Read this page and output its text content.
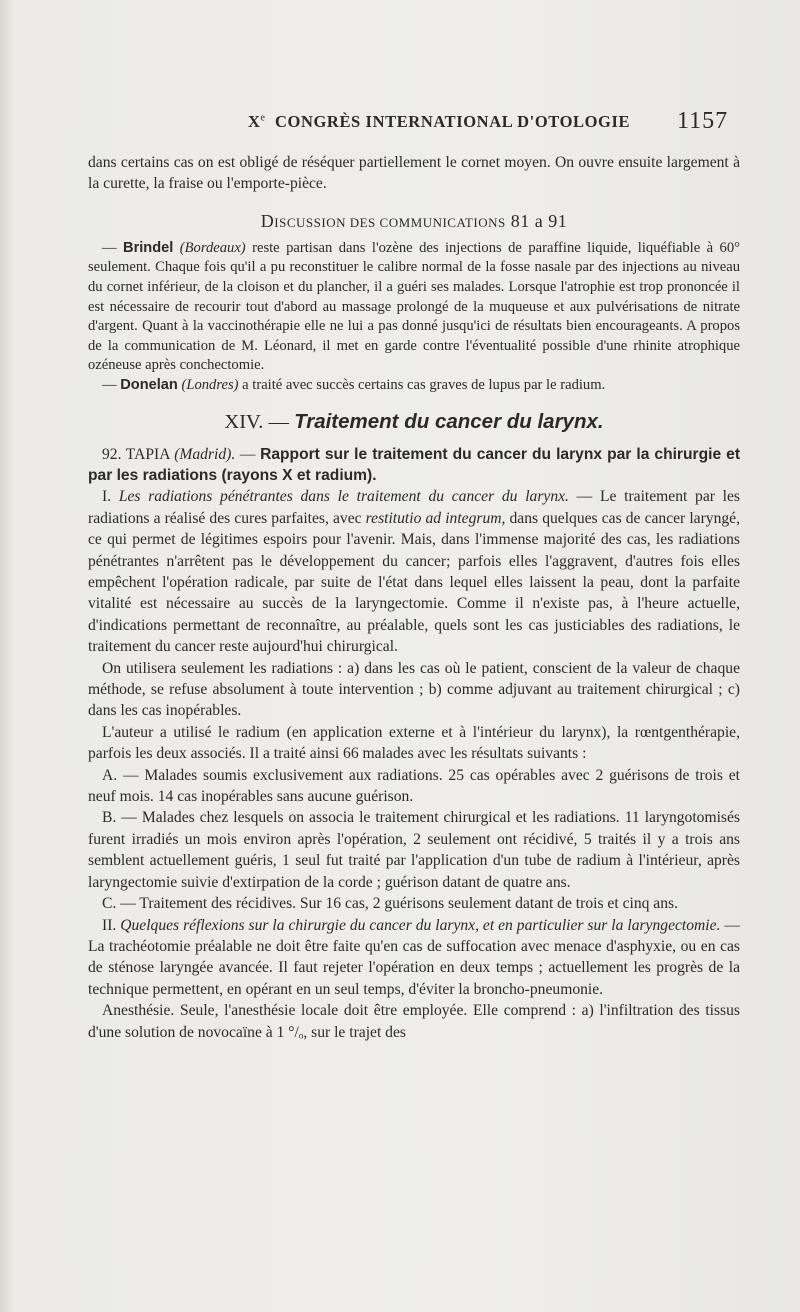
Xe CONGRÈS INTERNATIONAL D'OTOLOGIE 1157

dans certains cas on est obligé de réséquer partiellement le cornet moyen. On ouvre ensuite largement à la curette, la fraise ou l'emporte-pièce.

DISCUSSION DES COMMUNICATIONS 81 a 91

— Brindel (Bordeaux) reste partisan dans l'ozène des injections de paraffine liquide, liquéfiable à 60° seulement. Chaque fois qu'il a pu reconstituer le calibre normal de la fosse nasale par des injections au niveau du cornet inférieur, de la cloison et du plancher, il a guéri ses malades. Lorsque l'atrophie est trop prononcée il est nécessaire de recourir tout d'abord au massage prolongé de la muqueuse et aux pulvérisations de nitrate d'argent. Quant à la vaccinothérapie elle ne lui a pas donné jusqu'ici de résultats bien encourageants. A propos de la communication de M. Léonard, il met en garde contre l'éventualité possible d'une rhinite atrophique ozéneuse après conchectomie.

— Donelan (Londres) a traité avec succès certains cas graves de lupus par le radium.

XIV. — Traitement du cancer du larynx.

92. TAPIA (Madrid). — Rapport sur le traitement du cancer du larynx par la chirurgie et par les radiations (rayons X et radium).

I. Les radiations pénétrantes dans le traitement du cancer du larynx. — Le traitement par les radiations a réalisé des cures parfaites, avec restitutio ad integrum, dans quelques cas de cancer laryngé, ce qui permet de légitimes espoirs pour l'avenir. Mais, dans l'immense majorité des cas, les radiations pénétrantes n'arrêtent pas le développement du cancer; parfois elles l'aggravent, d'autres fois elles empêchent l'opération radicale, par suite de l'état dans lequel elles laissent la peau, dont la parfaite vitalité est nécessaire au succès de la laryngectomie. Comme il n'existe pas, à l'heure actuelle, d'indications permettant de reconnaître, au préalable, quels sont les cas justiciables des radiations, le traitement du cancer reste aujourd'hui chirurgical.

On utilisera seulement les radiations : a) dans les cas où le patient, conscient de la valeur de chaque méthode, se refuse absolument à toute intervention ; b) comme adjuvant au traitement chirurgical ; c) dans les cas inopérables.

L'auteur a utilisé le radium (en application externe et à l'intérieur du larynx), la rœntgenthérapie, parfois les deux associés. Il a traité ainsi 66 malades avec les résultats suivants :

A. — Malades soumis exclusivement aux radiations. 25 cas opérables avec 2 guérisons de trois et neuf mois. 14 cas inopérables sans aucune guérison.

B. — Malades chez lesquels on associa le traitement chirurgical et les radiations. 11 laryngotomisés furent irradiés un mois environ après l'opération, 2 seulement ont récidivé, 5 traités il y a trois ans semblent actuellement guéris, 1 seul fut traité par l'application d'un tube de radium à l'intérieur, après laryngectomie suivie d'extirpation de la corde ; guérison datant de quatre ans.

C. — Traitement des récidives. Sur 16 cas, 2 guérisons seulement datant de trois et cinq ans.

II. Quelques réflexions sur la chirurgie du cancer du larynx, et en particulier sur la laryngectomie. — La trachéotomie préalable ne doit être faite qu'en cas de suffocation avec menace d'asphyxie, ou en cas de sténose laryngée avancée. Il faut rejeter l'opération en deux temps ; actuellement les progrès de la technique permettent, en opérant en un seul temps, d'éviter la broncho-pneumonie.

Anesthésie. Seule, l'anesthésie locale doit être employée. Elle comprend : a) l'infiltration des tissus d'une solution de novocaïne à 1 °/ₒ, sur le trajet des
